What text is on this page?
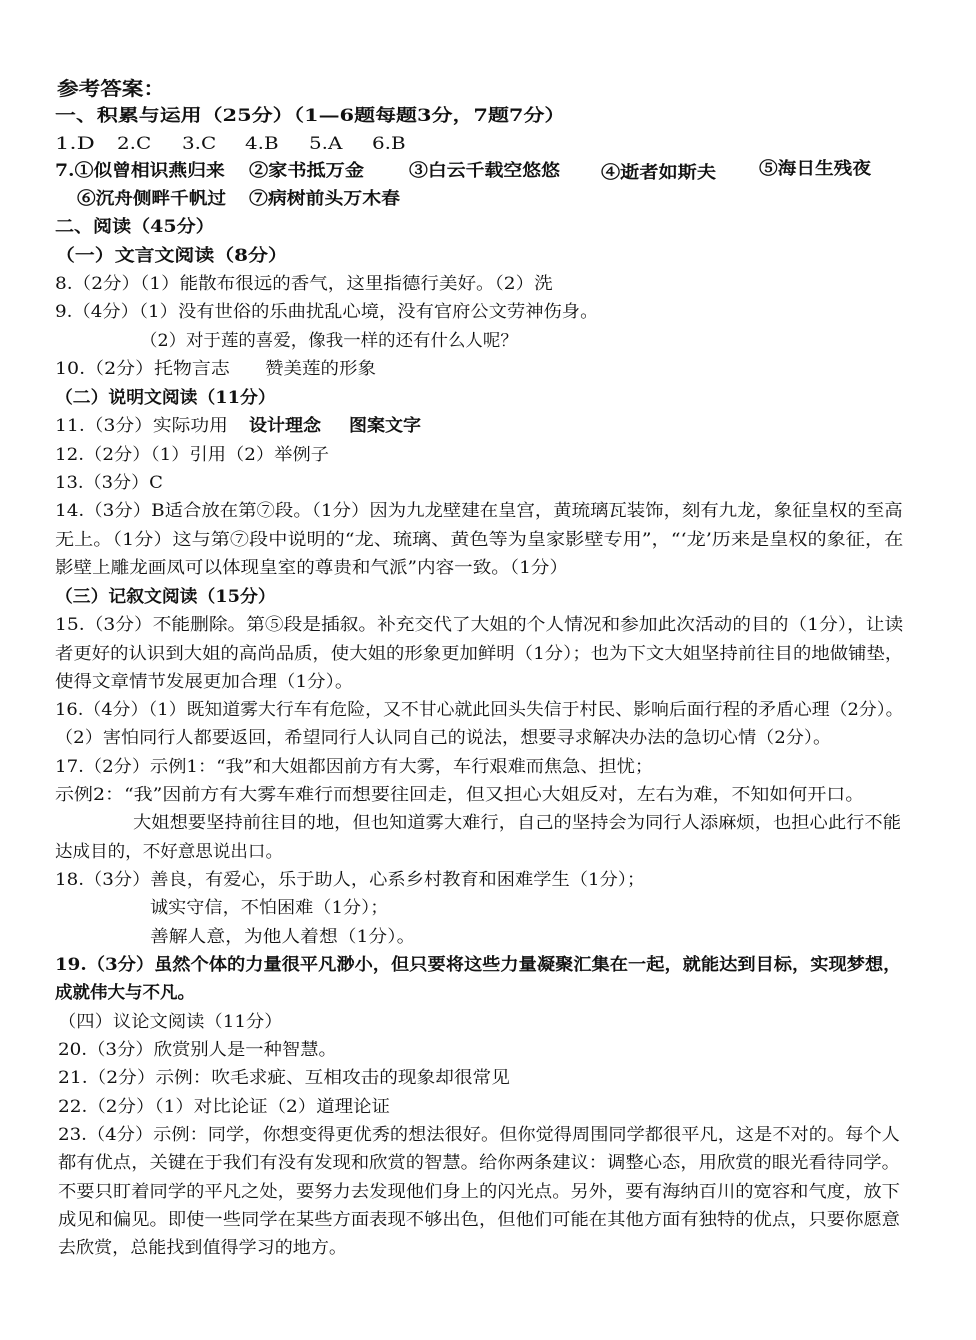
参考答案：
一、积累与运用（25分）（1—6题每题3分，7题7分）
1.D 2.C 3.C 4.B 5.A 6.B
7.①似曾相识燕归来 ②家书抵万金	③白云千载空悠悠 ④逝者如斯夫	⑤海日生残夜
⑥沉舟侧畔千帆过 ⑦病树前头万木春
二、阅读（45分）
（一）文言文阅读（8分）
8.（2分）（1）能散布很远的香气，这里指德行美好。（2）洗
9.（4分）（1）没有世俗的乐曲扰乱心境，没有官府公文劳神伤身。
（2）对于莲的喜爱，像我一样的还有什么人呢？
10.（2分）托物言志 赞美莲的形象
（二）说明文阅读（11分）
11.（3分）实际功用 设计理念 图案文字
12.（2分）（1）引用（2）举例子
13.（3分）C
14.（3分）B适合放在第⑦段。（1分）因为九龙壁建在皇宫，黄琉璃瓦装饰，刻有九龙，象征皇权的至高
无上。（1分）这与第⑦段中说明的“龙、琉璃、黄色等为皇家影壁专用”，“‘龙’历来是皇权的象征，在
影壁上雕龙画凤可以体现皇室的尊贵和气派”内容一致。（1分）
（三）记叙文阅读（15分）
15.（3分）不能删除。第⑤段是插叙。补充交代了大姐的个人情况和参加此次活动的目的（1分），让读
者更好的认识到大姐的高尚品质，使大姐的形象更加鲜明（1分）；也为下文大姐坚持前往目的地做铺垫，
使得文章情节发展更加合理（1分）。
16.（4分）（1）既知道雾大行车有危险，又不甘心就此回头失信于村民、影响后面行程的矛盾心理（2分）。
（2）害怕同行人都要返回，希望同行人认同自己的说法，想要寻求解决办法的急切心情（2分）。
17.（2分）示例1：“我”和大姐都因前方有大雾，车行艰难而焦急、担忧；
示例2：“我”因前方有大雾车难行而想要往回走，但又担心大姐反对，左右为难，不知如何开口。
大姐想要坚持前往目的地，但也知道雾大难行，自己的坚持会为同行人添麻烦，也担心此行不能
达成目的，不好意思说出口。
18.（3分）善良，有爱心，乐于助人，心系乡村教育和困难学生（1分）；
诚实守信，不怕困难（1分）；
善解人意，为他人着想（1分）。
19.（3分）虽然个体的力量很平凡渺小，但只要将这些力量凝聚汇集在一起，就能达到目标，实现梦想，
成就伟大与不凡。
（四）议论文阅读（11分）
20.（3分）欣赏别人是一种智慧。
21.（2分）示例：吹毛求疵、互相攻击的现象却很常见
22.（2分）（1）对比论证（2）道理论证
23.（4分）示例：同学，你想变得更优秀的想法很好。但你觉得周围同学都很平凡，这是不对的。每个人
都有优点，关键在于我们有没有发现和欣赏的智慧。给你两条建议：调整心态，用欣赏的眼光看待同学。
不要只盯着同学的平凡之处，要努力去发现他们身上的闪光点。另外，要有海纳百川的宽容和气度，放下
成见和偏见。即使一些同学在某些方面表现不够出色，但他们可能在其他方面有独特的优点，只要你愿意
去欣赏，总能找到值得学习的地方。
